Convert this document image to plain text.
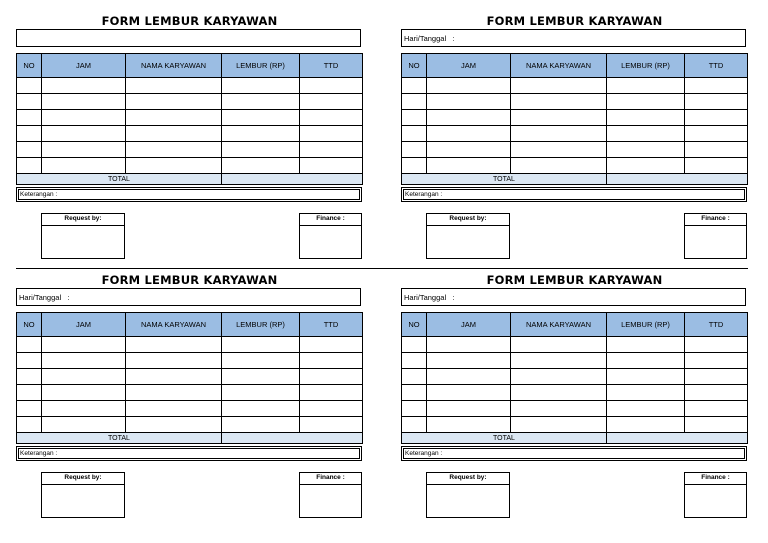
FORM LEMBUR KARYAWAN
NO	JAM	NAMA KARYAWAN	LEMBUR (RP)	TTD

TOTAL				
Keterangan :
Request by:	Finance :
FORM LEMBUR KARYAWAN
Hari/Tanggal :
NO	JAM	NAMA KARYAWAN	LEMBUR (RP)	TTD

TOTAL				
Keterangan :
Request by:	Finance :
FORM LEMBUR KARYAWAN
Hari/Tanggal :
NO	JAM	NAMA KARYAWAN	LEMBUR (RP)	TTD

TOTAL				
Keterangan :
Request by:	Finance :
FORM LEMBUR KARYAWAN
Hari/Tanggal :
NO	JAM	NAMA KARYAWAN	LEMBUR (RP)	TTD

TOTAL				
Keterangan :
Request by:	Finance :
